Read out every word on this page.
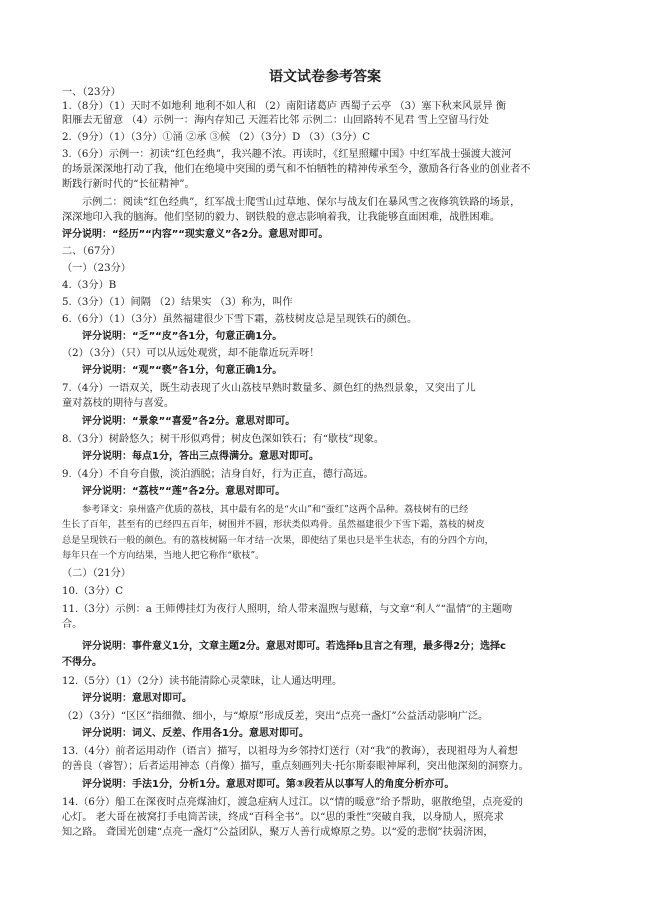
语文试卷参考答案
一、（23分）
1.（8分）（1）天时不如地利 地利不如人和 （2）南阳诸葛庐 西蜀子云亭 （3）塞下秋来风景异 衡
阳雁去无留意 （4）示例一：海内存知己 天涯若比邻 示例二：山回路转不见君 雪上空留马行处
2.（9分）（1）（3分）①涌 ②承 ③候 （2）（3分）D （3）（3分）C
3.（6分）示例一：初读“红色经典”，我兴趣不浓。再读时，《红星照耀中国》中红军战士强渡大渡河
的场景深深地打动了我，他们在绝境中突围的勇气和不怕牺牲的精神传承至今，激励各行各业的创业者不
断践行新时代的“长征精神”。
示例二：阅读“红色经典”，红军战士爬雪山过草地、保尔与战友们在暴风雪之夜修筑铁路的场景，
深深地印入我的脑海。他们坚韧的毅力、钢铁般的意志影响着我，让我能够直面困难，战胜困难。
评分说明：“经历”“内容”“现实意义”各2分。意思对即可。
二、（67分）
（一）（23分）
4.（3分）B
5.（3分）（1）间隔 （2）结果实 （3）称为，叫作
6.（6分）（1）（3分）虽然福建很少下雪下霜，荔枝树皮总是呈现铁石的颜色。
评分说明：“乏”“皮”各1分，句意正确1分。
（2）（3分）（只）可以从远处观赏，却不能靠近玩弄呀！
评分说明：“观”“亵”各1分，句意正确1分。
7.（4分）一语双关，既生动表现了火山荔枝早熟时数量多、颜色红的热烈景象，又突出了儿
童对荔枝的期待与喜爱。
评分说明：“景象”“喜爱”各2分。意思对即可。
8.（3分）树龄悠久；树干形似鸡骨；树皮色深如铁石；有“歇枝”现象。
评分说明：每点1分，答出三点得满分。意思对即可。
9.（4分）不自夸自傲，淡泊洒脱；洁身自好，行为正直，德行高远。
评分说明：“荔枝”“莲”各2分。意思对即可。
参考译文：泉州盛产优质的荔枝，其中最有名的是“火山”和“蚕红”这两个品种。荔枝树有的已经
生长了百年，甚至有的已经四五百年，树围并不圆，形状类似鸡骨。虽然福建很少下雪下霜，荔枝的树皮
总是呈现铁石一般的颜色。有的荔枝树隔一年才结一次果，即使结了果也只是半生状态，有的分四个方向，
每年只在一个方向结果，当地人把它称作“歇枝”。
（二）（21分）
10.（3分）C
11.（3分）示例：a 王师傅挂灯为夜行人照明，给人带来温煦与慰藉，与文章“利人”“温情”的主题吻
合。
评分说明：事件意义1分，文章主题2分。意思对即可。若选择b且言之有理，最多得2分；选择c
不得分。
12.（5分）（1）（2分）读书能清除心灵蒙昧，让人通达明理。
评分说明：意思对即可。
（2）（3分）“区区”指细微、细小，与“燎原”形成反差，突出“点亮一盏灯”公益活动影响广泛。
评分说明：词义、反差、作用各1分。意思对即可。
13.（4分）前者运用动作（语言）描写，以祖母为乡邻持灯送行（对“我”的教诲），表现祖母为人着想
的善良（睿智）；后者运用神态（肖像）描写，重点刻画列夫·托尔斯泰眼神犀利，突出他深刻的洞察力。
评分说明：手法1分，分析1分。意思对即可。第③段若从以事写人的角度分析亦可。
14.（6分）船工在深夜时点亮煤油灯，渡急症病人过江。以“情的暖意”给予帮助，驱散绝望，点亮爱的
心灯。 老大哥在被窝打手电筒苦读，终成“百科全书”。以“思的秉性”突破自我，以身励人，照亮求
知之路。 聋国光创建“点亮一盏灯”公益团队，聚万人善行成燎原之势。以“爱的悲悯”扶弱济困，
